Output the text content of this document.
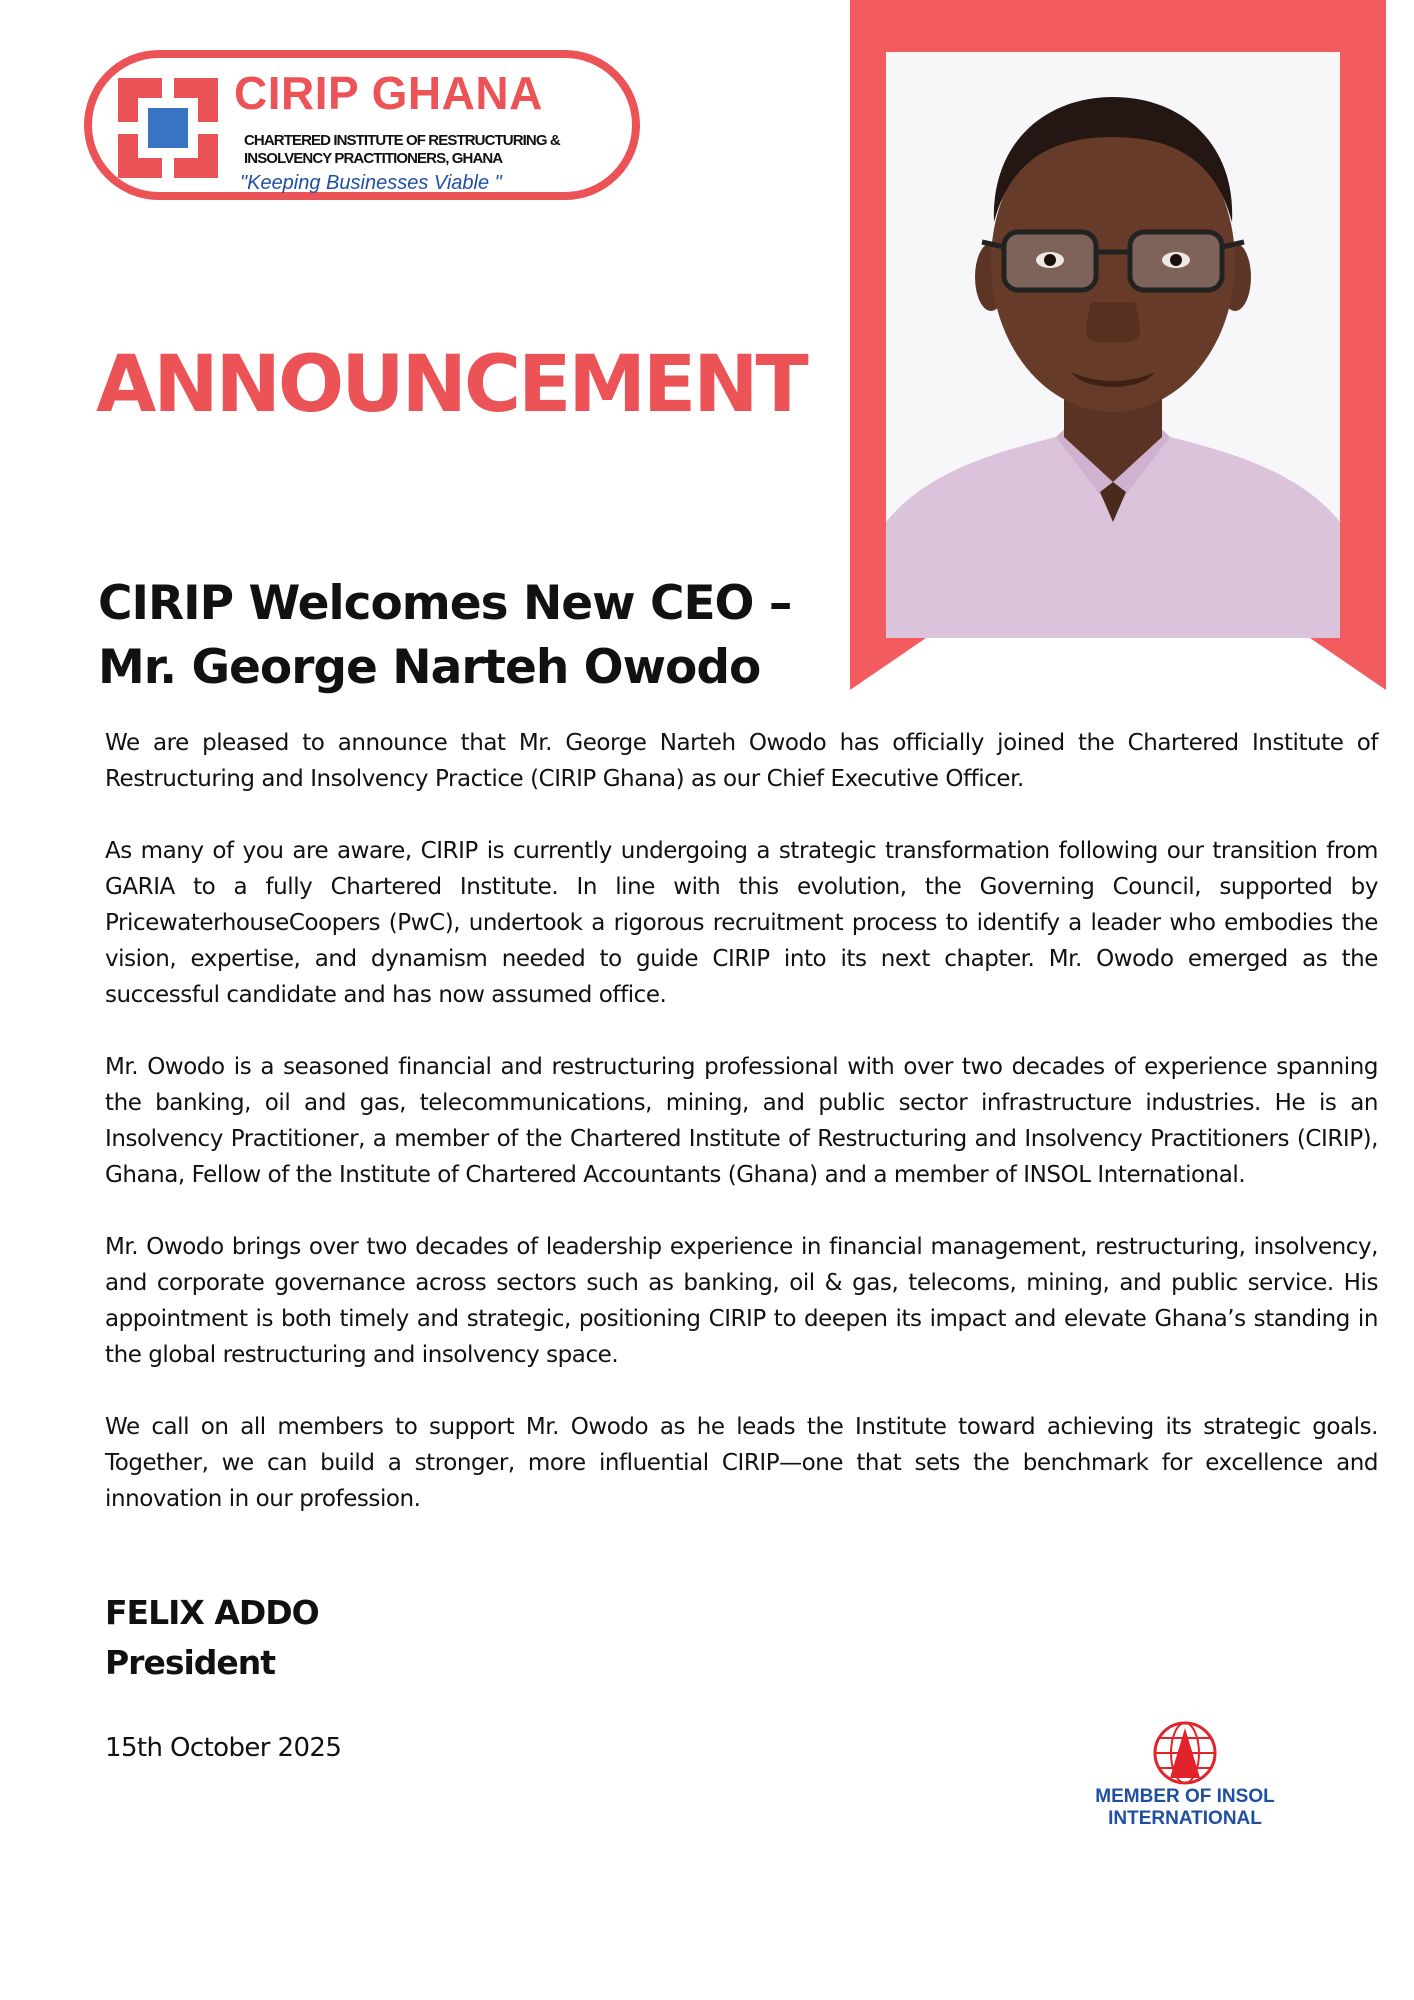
CIRIP GHANA
CHARTERED INSTITUTE OF RESTRUCTURING &
INSOLVENCY PRACTITIONERS, GHANA
"Keeping Businesses Viable "
ANNOUNCEMENT
CIRIP Welcomes New CEO –
Mr. George Narteh Owodo

We are pleased to announce that Mr. George Narteh Owodo has officially joined the Chartered Institute of Restructuring and Insolvency Practice (CIRIP Ghana) as our Chief Executive Officer.

As many of you are aware, CIRIP is currently undergoing a strategic transformation following our transition from GARIA to a fully Chartered Institute. In line with this evolution, the Governing Council, supported by PricewaterhouseCoopers (PwC), undertook a rigorous recruitment process to identify a leader who embodies the vision, expertise, and dynamism needed to guide CIRIP into its next chapter. Mr. Owodo emerged as the successful candidate and has now assumed office.

Mr. Owodo is a seasoned financial and restructuring professional with over two decades of experience spanning the banking, oil and gas, telecommunications, mining, and public sector infrastructure industries. He is an Insolvency Practitioner, a member of the Chartered Institute of Restructuring and Insolvency Practitioners (CIRIP), Ghana, Fellow of the Institute of Chartered Accountants (Ghana) and a member of INSOL International.

Mr. Owodo brings over two decades of leadership experience in financial management, restructuring, insolvency, and corporate governance across sectors such as banking, oil & gas, telecoms, mining, and public service. His appointment is both timely and strategic, positioning CIRIP to deepen its impact and elevate Ghana’s standing in the global restructuring and insolvency space.

We call on all members to support Mr. Owodo as he leads the Institute toward achieving its strategic goals. Together, we can build a stronger, more influential CIRIP—one that sets the benchmark for excellence and innovation in our profession.

FELIX ADDO
President
15th October 2025
MEMBER OF INSOL
INTERNATIONAL
